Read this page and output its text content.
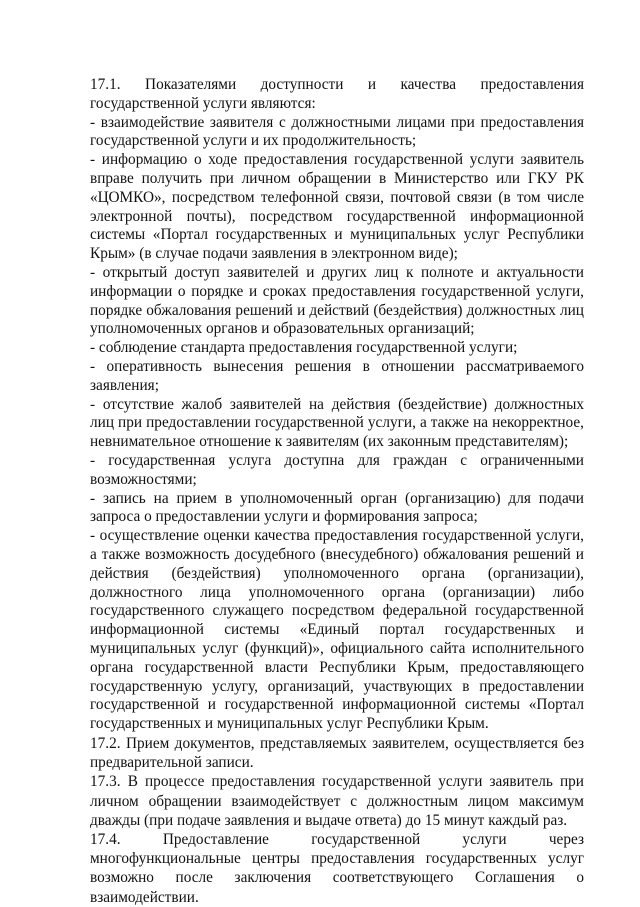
17.1. Показателями доступности и качества предоставления государственной услуги являются:

- взаимодействие заявителя с должностными лицами при предоставления государственной услуги и их продолжительность;

- информацию о ходе предоставления государственной услуги заявитель вправе получить при личном обращении в Министерство или ГКУ РК «ЦОМКО», посредством телефонной связи, почтовой связи (в том числе электронной почты), посредством государственной информационной системы «Портал государственных и муниципальных услуг Республики Крым» (в случае подачи заявления в электронном виде);

- открытый доступ заявителей и других лиц к полноте и актуальности информации о порядке и сроках предоставления государственной услуги, порядке обжалования решений и действий (бездействия) должностных лиц уполномоченных органов и образовательных организаций;

- соблюдение стандарта предоставления государственной услуги;

- оперативность вынесения решения в отношении рассматриваемого заявления;

- отсутствие жалоб заявителей на действия (бездействие) должностных лиц при предоставлении государственной услуги, а также на некорректное, невнимательное отношение к заявителям (их законным представителям);

- государственная услуга доступна для граждан с ограниченными возможностями;

- запись на прием в уполномоченный орган (организацию) для подачи запроса о предоставлении услуги и формирования запроса;

- осуществление оценки качества предоставления государственной услуги, а также возможность досудебного (внесудебного) обжалования решений и действия (бездействия) уполномоченного органа (организации), должностного лица уполномоченного органа (организации) либо государственного служащего посредством федеральной государственной информационной системы «Единый портал государственных и муниципальных услуг (функций)», официального сайта исполнительного органа государственной власти Республики Крым, предоставляющего государственную услугу, организаций, участвующих в предоставлении государственной и государственной информационной системы «Портал государственных и муниципальных услуг Республики Крым.

17.2. Прием документов, представляемых заявителем, осуществляется без предварительной записи.

17.3. В процессе предоставления государственной услуги заявитель при личном обращении взаимодействует с должностным лицом максимум дважды (при подаче заявления и выдаче ответа) до 15 минут каждый раз.

17.4. Предоставление государственной услуги через многофункциональные центры предоставления государственных услуг возможно после заключения соответствующего Соглашения о взаимодействии.
